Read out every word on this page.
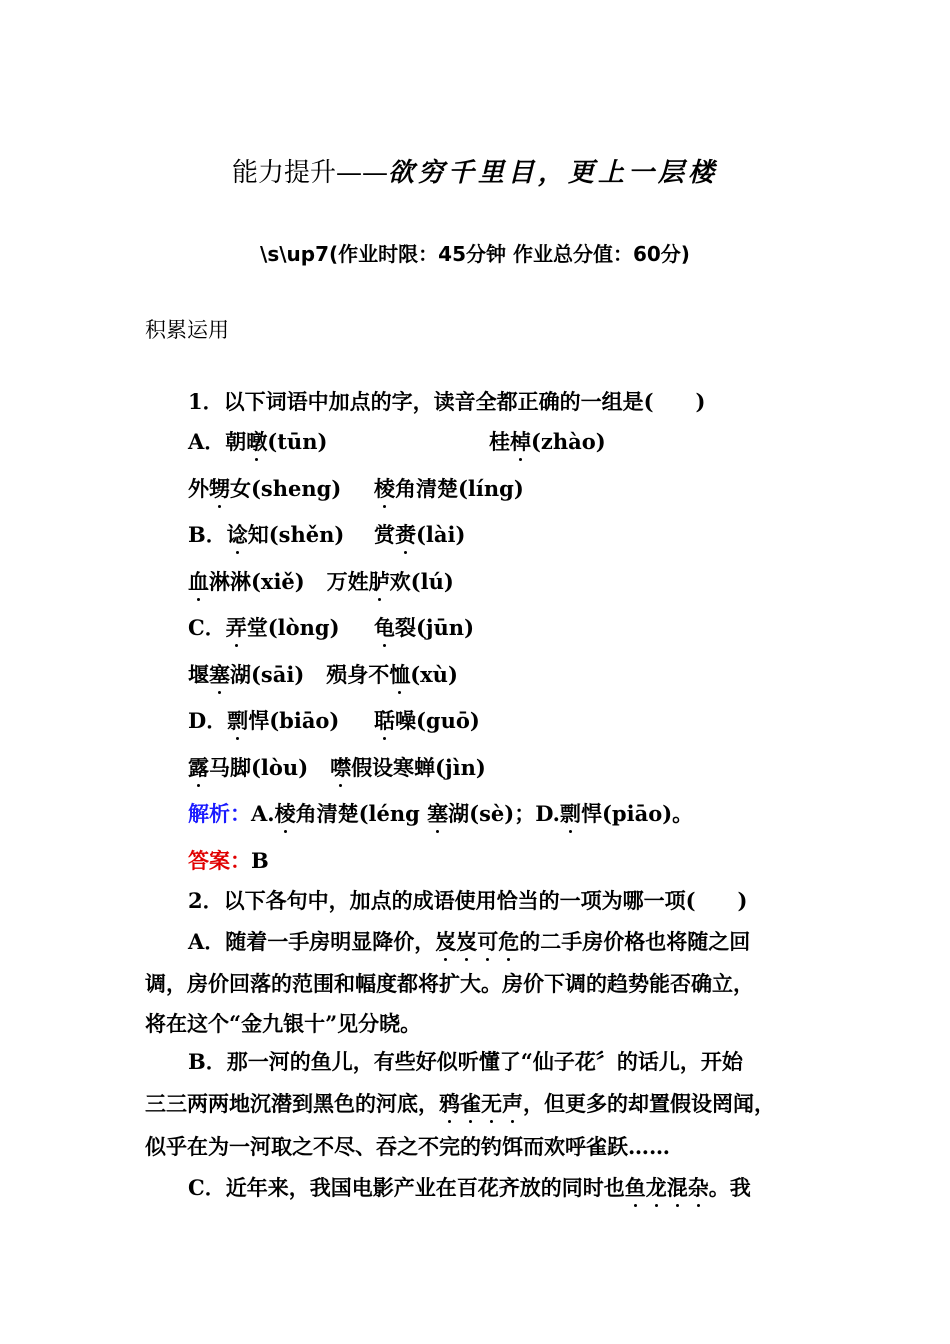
能力提升——欲穷千里目，更上一层楼
\s\up7(作业时限：45分钟 作业总分值：60分)
积累运用
1．以下词语中加点的字，读音全都正确的一组是(　　)
A．朝暾(tūn)	桂棹(zhào)
外甥女(sheng) 棱角清楚(líng)
B．谂知(shěn) 赏赉(lài)
血淋淋(xiě) 万姓胪欢(lú)
C．弄堂(lòng) 龟裂(jūn)
堰塞湖(sāi) 殒身不恤(xù)
D．剽悍(biāo) 聒噪(guō)
露马脚(lòu) 噤假设寒蝉(jìn)
解析：A.棱角清楚(léng 塞湖(sè)；D.剽悍(piāo)。
答案：B
2．以下各句中，加点的成语使用恰当的一项为哪一项(　　)
A．随着一手房明显降价，岌岌可危的二手房价格也将随之回
调，房价回落的范围和幅度都将扩大。房价下调的趋势能否确立，
将在这个“金九银十”见分晓。
B．那一河的鱼儿，有些好似听懂了“仙子花〞的话儿，开始
三三两两地沉潜到黑色的河底，鸦雀无声，但更多的却置假设罔闻，
似乎在为一河取之不尽、吞之不完的钓饵而欢呼雀跃……
C．近年来，我国电影产业在百花齐放的同时也鱼龙混杂。我
